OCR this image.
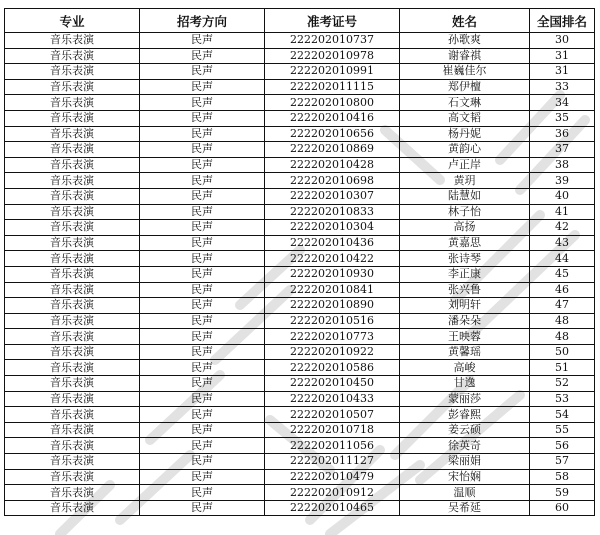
专业	招考方向	准考证号	姓名	全国排名
音乐表演	民声	222202010737	孙歌爽	30
音乐表演	民声	222202010978	谢睿祺	31
音乐表演	民声	222202010991	崔巍佳尔	31
音乐表演	民声	222202011115	郑伊檀	33
音乐表演	民声	222202010800	石文琳	34
音乐表演	民声	222202010416	高文韬	35
音乐表演	民声	222202010656	杨丹妮	36
音乐表演	民声	222202010869	黄韵心	37
音乐表演	民声	222202010428	卢正岸	38
音乐表演	民声	222202010698	黄玥	39
音乐表演	民声	222202010307	陆慧如	40
音乐表演	民声	222202010833	林子怡	41
音乐表演	民声	222202010304	高扬	42
音乐表演	民声	222202010436	黄嘉思	43
音乐表演	民声	222202010422	张诗琴	44
音乐表演	民声	222202010930	李正康	45
音乐表演	民声	222202010841	张兴鲁	46
音乐表演	民声	222202010890	刘明轩	47
音乐表演	民声	222202010516	潘朵朵	48
音乐表演	民声	222202010773	王映蓉	48
音乐表演	民声	222202010922	黄馨瑶	50
音乐表演	民声	222202010586	高峻	51
音乐表演	民声	222202010450	甘逸	52
音乐表演	民声	222202010433	蒙丽莎	53
音乐表演	民声	222202010507	彭睿熙	54
音乐表演	民声	222202010718	姜云硕	55
音乐表演	民声	222202011056	徐英奇	56
音乐表演	民声	222202011127	梁丽娟	57
音乐表演	民声	222202010479	宋怡娴	58
音乐表演	民声	222202010912	温顺	59
音乐表演	民声	222202010465	吴希延	60
